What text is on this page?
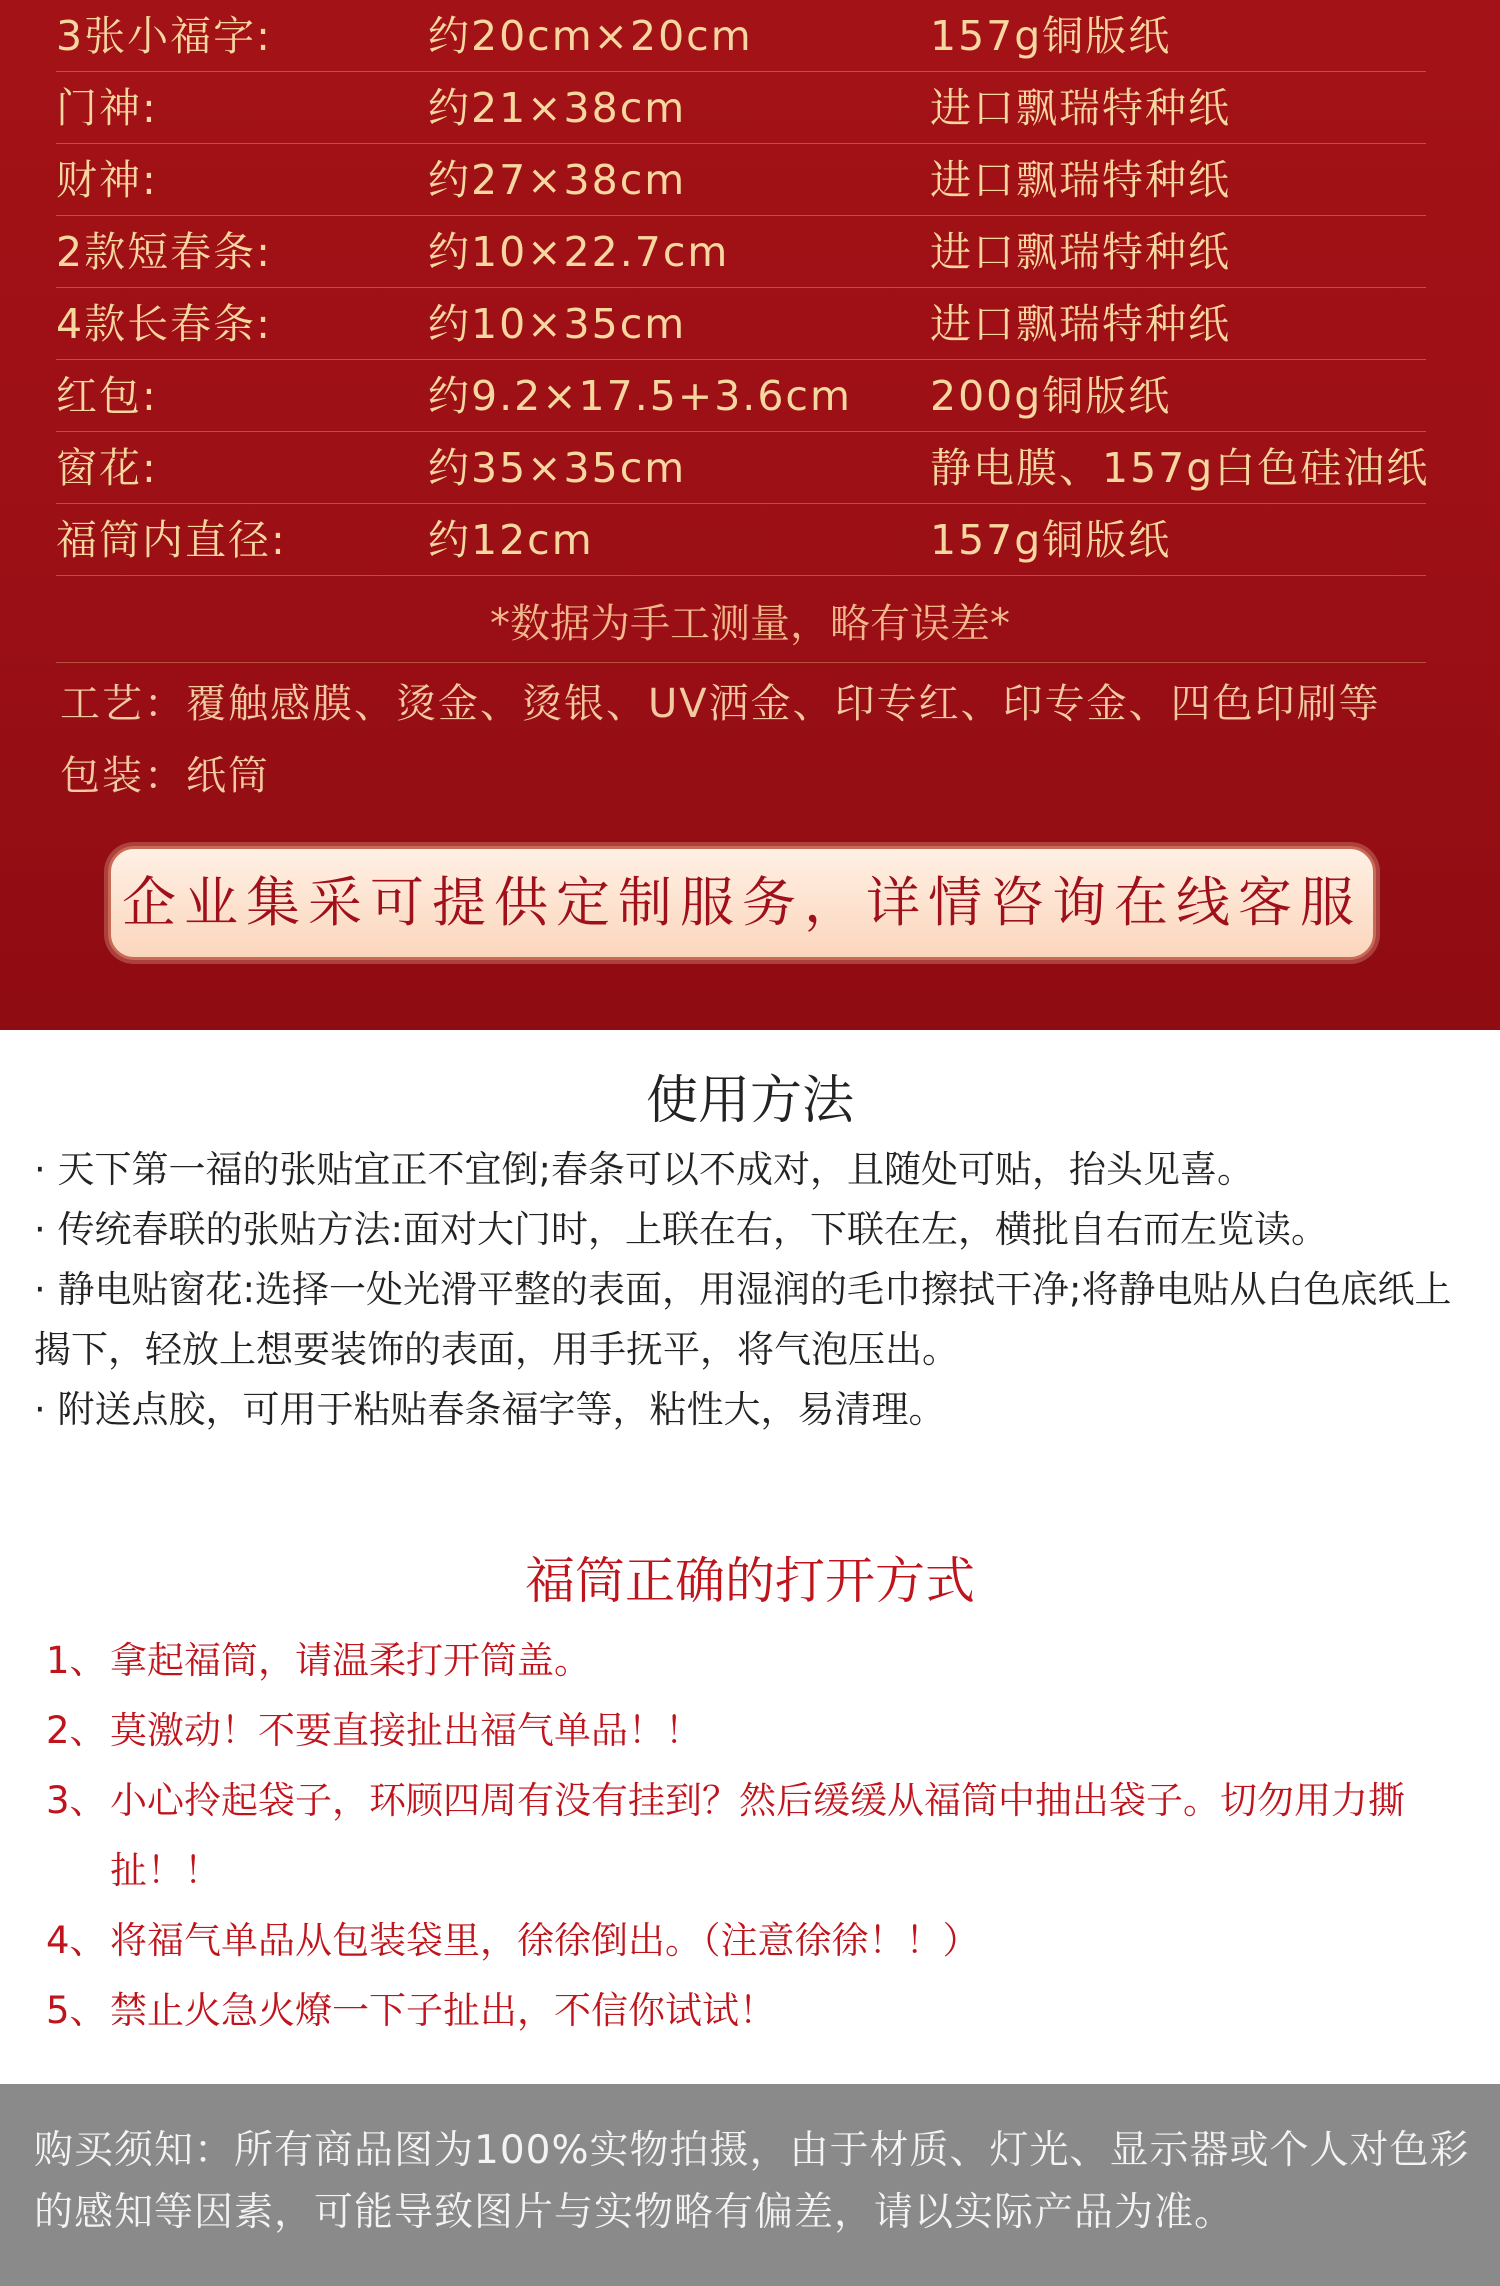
3张小福字:	约20cm×20cm	157g铜版纸
门神:	约21×38cm	进口飘瑞特种纸
财神:	约27×38cm	进口飘瑞特种纸
2款短春条:	约10×22.7cm	进口飘瑞特种纸
4款长春条:	约10×35cm	进口飘瑞特种纸
红包:	约9.2×17.5+3.6cm 200g铜版纸
窗花:	约35×35cm	静电膜、157g白色硅油纸
福筒内直径:	约12cm	157g铜版纸
*数据为手工测量，略有误差*
工艺：覆触感膜、烫金、烫银、UV洒金、印专红、印专金、四色印刷等
包装：纸筒
企业集采可提供定制服务，详情咨询在线客服
使用方法

· 天下第一福的张贴宜正不宜倒;春条可以不成对，且随处可贴，抬头见喜。

· 传统春联的张贴方法:面对大门时，上联在右，下联在左，横批自右而左览读。

· 静电贴窗花:选择一处光滑平整的表面，用湿润的毛巾擦拭干净;将静电贴从白色底纸上揭下，轻放上想要装饰的表面，用手抚平，将气泡压出。

· 附送点胶，可用于粘贴春条福字等，粘性大，易清理。

福筒正确的打开方式
1、 拿起福筒，请温柔打开筒盖。
2、 莫激动！不要直接扯出福气单品！！
3、 小心拎起袋子，环顾四周有没有挂到？然后缓缓从福筒中抽出袋子。切勿用力撕扯！！
4、 将福气单品从包装袋里，徐徐倒出。（注意徐徐！！）
5、 禁止火急火燎一下子扯出，不信你试试！
购买须知：所有商品图为100%实物拍摄，由于材质、灯光、显示器或个人对色彩的感知等因素，可能导致图片与实物略有偏差，请以实际产品为准。
